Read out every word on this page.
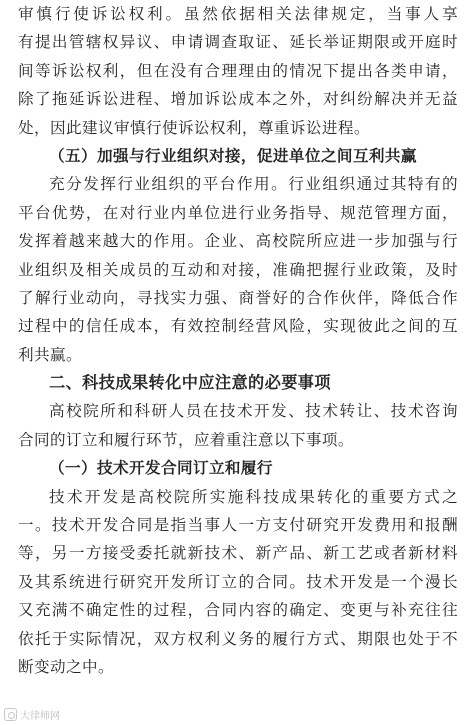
审慎行使诉讼权利。虽然依据相关法律规定，当事人享
有提出管辖权异议、申请调查取证、延长举证期限或开庭时
间等诉讼权利，但在没有合理理由的情况下提出各类申请，
除了拖延诉讼进程、增加诉讼成本之外，对纠纷解决并无益
处，因此建议审慎行使诉讼权利，尊重诉讼进程。
（五）加强与行业组织对接，促进单位之间互利共赢
充分发挥行业组织的平台作用。行业组织通过其特有的
平台优势，在对行业内单位进行业务指导、规范管理方面，
发挥着越来越大的作用。企业、高校院所应进一步加强与行
业组织及相关成员的互动和对接，准确把握行业政策，及时
了解行业动向，寻找实力强、商誉好的合作伙伴，降低合作
过程中的信任成本，有效控制经营风险，实现彼此之间的互
利共赢。
二、科技成果转化中应注意的必要事项
高校院所和科研人员在技术开发、技术转让、技术咨询
合同的订立和履行环节，应着重注意以下事项。
（一）技术开发合同订立和履行
技术开发是高校院所实施科技成果转化的重要方式之
一。技术开发合同是指当事人一方支付研究开发费用和报酬
等，另一方接受委托就新技术、新产品、新工艺或者新材料
及其系统进行研究开发所订立的合同。技术开发是一个漫长
又充满不确定性的过程，合同内容的确定、变更与补充往往
依托于实际情况，双方权利义务的履行方式、期限也处于不
断变动之中。
大律师网
